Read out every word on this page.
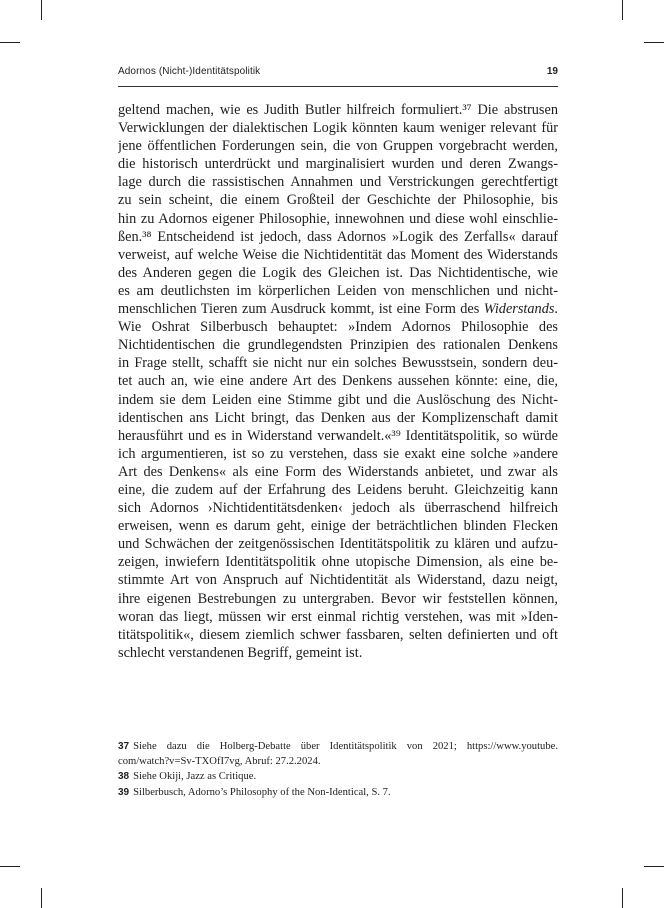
Adornos (Nicht-)Identitätspolitik	19
geltend machen, wie es Judith Butler hilfreich formuliert.³⁷ Die abstrusen
Verwicklungen der dialektischen Logik könnten kaum weniger relevant für
jene öffentlichen Forderungen sein, die von Gruppen vorgebracht werden,
die historisch unterdrückt und marginalisiert wurden und deren Zwangs-
lage durch die rassistischen Annahmen und Verstrickungen gerechtfertigt
zu sein scheint, die einem Großteil der Geschichte der Philosophie, bis
hin zu Adornos eigener Philosophie, innewohnen und diese wohl einschlie-
ßen.³⁸ Entscheidend ist jedoch, dass Adornos »Logik des Zerfalls« darauf
verweist, auf welche Weise die Nichtidentität das Moment des Widerstands
des Anderen gegen die Logik des Gleichen ist. Das Nichtidentische, wie
es am deutlichsten im körperlichen Leiden von menschlichen und nicht-
menschlichen Tieren zum Ausdruck kommt, ist eine Form des Widerstands.
Wie Oshrat Silberbusch behauptet: »Indem Adornos Philosophie des
Nichtidentischen die grundlegendsten Prinzipien des rationalen Denkens
in Frage stellt, schafft sie nicht nur ein solches Bewusstsein, sondern deu-
tet auch an, wie eine andere Art des Denkens aussehen könnte: eine, die,
indem sie dem Leiden eine Stimme gibt und die Auslöschung des Nicht-
identischen ans Licht bringt, das Denken aus der Komplizenschaft damit
herausführt und es in Widerstand verwandelt.«³⁹ Identitätspolitik, so würde
ich argumentieren, ist so zu verstehen, dass sie exakt eine solche »andere
Art des Denkens« als eine Form des Widerstands anbietet, und zwar als
eine, die zudem auf der Erfahrung des Leidens beruht. Gleichzeitig kann
sich Adornos ›Nichtidentitätsdenken‹ jedoch als überraschend hilfreich
erweisen, wenn es darum geht, einige der beträchtlichen blinden Flecken
und Schwächen der zeitgenössischen Identitätspolitik zu klären und aufzu-
zeigen, inwiefern Identitätspolitik ohne utopische Dimension, als eine be-
stimmte Art von Anspruch auf Nichtidentität als Widerstand, dazu neigt,
ihre eigenen Bestrebungen zu untergraben. Bevor wir feststellen können,
woran das liegt, müssen wir erst einmal richtig verstehen, was mit »Iden-
titätspolitik«, diesem ziemlich schwer fassbaren, selten definierten und oft
schlecht verstandenen Begriff, gemeint ist.
37 Siehe dazu die Holberg-Debatte über Identitätspolitik von 2021; https://www.youtube.
com/watch?v=Sv-TXOfI7vg, Abruf: 27.2.2024.
38 Siehe Okiji, Jazz as Critique.
39 Silberbusch, Adorno’s Philosophy of the Non-Identical, S. 7.
